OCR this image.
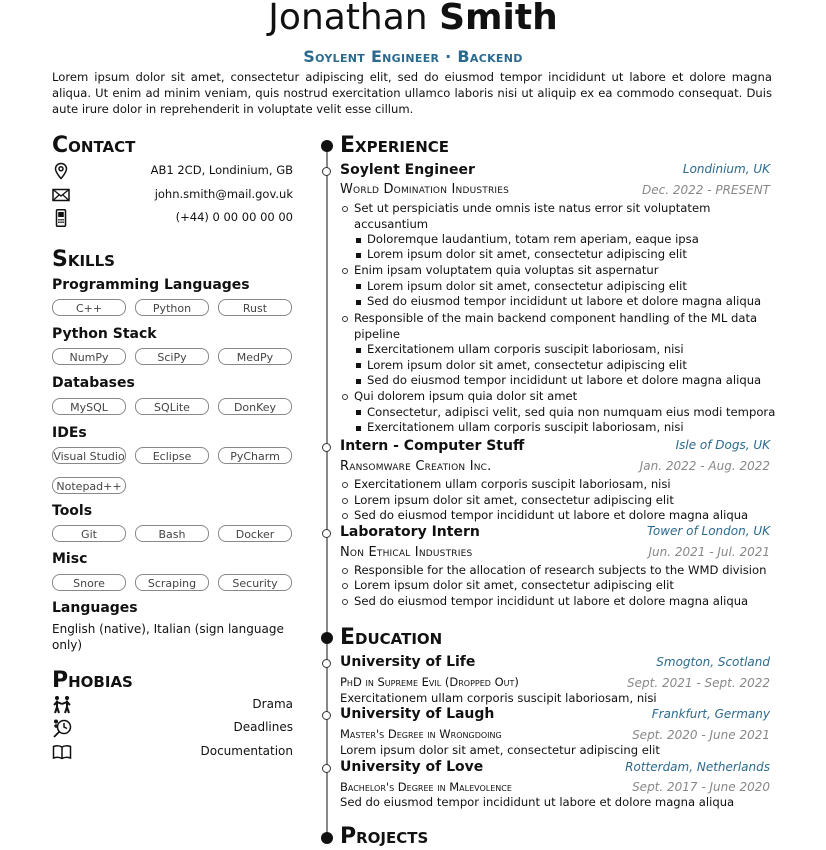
Jonathan Smith
Soylent Engineer · Backend
Lorem ipsum dolor sit amet, consectetur adipiscing elit, sed do eiusmod tempor incididunt ut labore et dolore magna aliqua. Ut enim ad minim veniam, quis nostrud exercitation ullamco laboris nisi ut aliquip ex ea commodo consequat. Duis aute irure dolor in reprehenderit in voluptate velit esse cillum.
Contact
AB1 2CD, Londinium, GB
john.smith@mail.gov.uk
(+44) 0 00 00 00 00
Skills
Programming Languages
C++	Python	Rust
Python Stack
NumPy	SciPy	MedPy
Databases
MySQL	SQLite	DonKey
IDEs
Visual Studio	Eclipse	PyCharm
Notepad++
Tools
Git	Bash	Docker
Misc
Snore	Scraping	Security
Languages
English (native), Italian (sign language only)
Phobias
Drama
Deadlines
Documentation
Experience
Soylent Engineer	Londinium, UK
World Domination Industries	Dec. 2022 - PRESENT
Set ut perspiciatis unde omnis iste natus error sit voluptatem
accusantium
Doloremque laudantium, totam rem aperiam, eaque ipsa
Lorem ipsum dolor sit amet, consectetur adipiscing elit
Enim ipsam voluptatem quia voluptas sit aspernatur
Lorem ipsum dolor sit amet, consectetur adipiscing elit
Sed do eiusmod tempor incididunt ut labore et dolore magna aliqua
Responsible of the main backend component handling of the ML data
pipeline
Exercitationem ullam corporis suscipit laboriosam, nisi
Lorem ipsum dolor sit amet, consectetur adipiscing elit
Sed do eiusmod tempor incididunt ut labore et dolore magna aliqua
Qui dolorem ipsum quia dolor sit amet
Consectetur, adipisci velit, sed quia non numquam eius modi tempora
Exercitationem ullam corporis suscipit laboriosam, nisi
Intern - Computer Stuff	Isle of Dogs, UK
Ransomware Creation Inc.	Jan. 2022 - Aug. 2022
Exercitationem ullam corporis suscipit laboriosam, nisi
Lorem ipsum dolor sit amet, consectetur adipiscing elit
Sed do eiusmod tempor incididunt ut labore et dolore magna aliqua
Laboratory Intern	Tower of London, UK
Non Ethical Industries	Jun. 2021 - Jul. 2021
Responsible for the allocation of research subjects to the WMD division
Lorem ipsum dolor sit amet, consectetur adipiscing elit
Sed do eiusmod tempor incididunt ut labore et dolore magna aliqua
Education
University of Life	Smogton, Scotland
PhD in Supreme Evil (Dropped Out)	Sept. 2021 - Sept. 2022
Exercitationem ullam corporis suscipit laboriosam, nisi
University of Laugh	Frankfurt, Germany
Master's Degree in Wrongdoing	Sept. 2020 - June 2021
Lorem ipsum dolor sit amet, consectetur adipiscing elit
University of Love	Rotterdam, Netherlands
Bachelor's Degree in Malevolence	Sept. 2017 - June 2020
Sed do eiusmod tempor incididunt ut labore et dolore magna aliqua
Projects
